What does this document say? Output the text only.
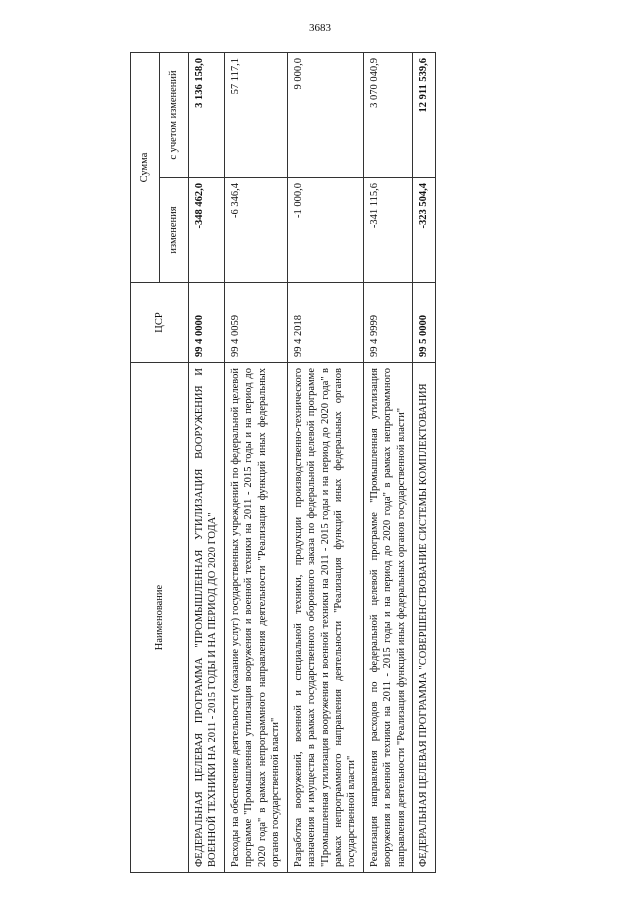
3683
Наименование	ЦСР	Сумма	
		изменения	с учетом изменений
ФЕДЕРАЛЬНАЯ ЦЕЛЕВАЯ ПРОГРАММА "ПРОМЫШЛЕННАЯ УТИЛИЗАЦИЯ ВООРУЖЕНИЯ И ВОЕННОЙ ТЕХНИКИ НА 2011 - 2015 ГОДЫ И НА ПЕРИОД ДО 2020 ГОДА"	99 4 0000	-348 462,0	3 136 158,0
Расходы на обеспечение деятельности (оказание услуг) государственных учреждений по федеральной целевой программе "Промышленная утилизация вооружения и военной техники на 2011 - 2015 годы и на период до 2020 года" в рамках непрограммного направления деятельности "Реализация функций иных федеральных органов государственной власти"	99 4 0059	-6 346,4	57 117,1
Разработка вооружений, военной и специальной техники, продукции производственно-технического назначения и имущества в рамках государственного оборонного заказа по федеральной целевой программе "Промышленная утилизация вооружения и военной техники на 2011 - 2015 годы и на период до 2020 года" в рамках непрограммного направления деятельности "Реализация функций иных федеральных органов государственной власти"	99 4 2018	-1 000,0	9 000,0
Реализация направления расходов по федеральной целевой программе "Промышленная утилизация вооружения и военной техники на 2011 - 2015 годы и на период до 2020 года" в рамках непрограммного направления деятельности "Реализация функций иных федеральных органов государственной власти"	99 4 9999	-341 115,6	3 070 040,9
ФЕДЕРАЛЬНАЯ ЦЕЛЕВАЯ ПРОГРАММА "СОВЕРШЕНСТВОВАНИЕ СИСТЕМЫ КОМПЛЕКТОВАНИЯ	99 5 0000	-323 504,4	12 911 539,6
